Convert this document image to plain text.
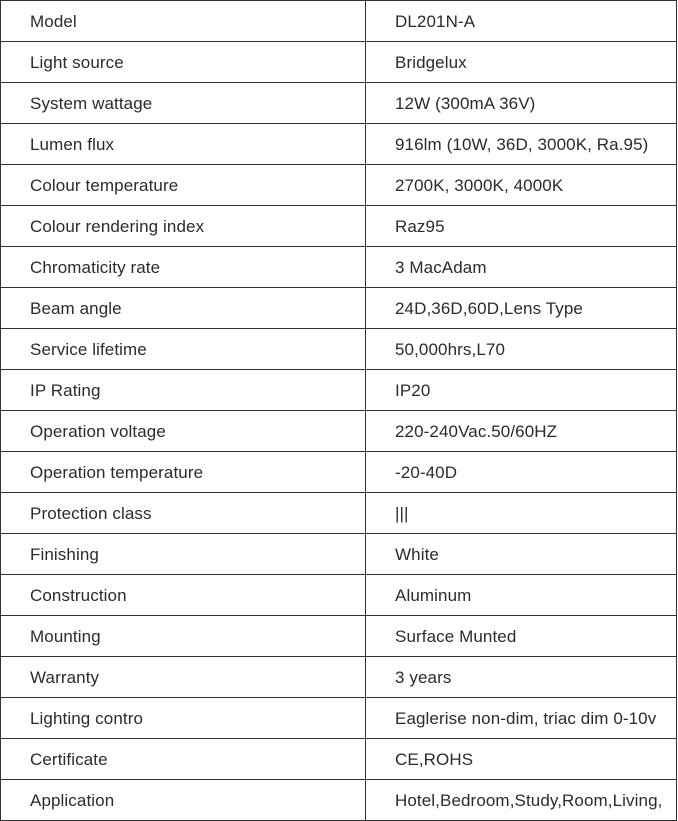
Model	DL201N-A
Light source	Bridgelux
System wattage	12W (300mA 36V)
Lumen flux	916lm (10W, 36D, 3000K, Ra.95)
Colour temperature	2700K, 3000K, 4000K
Colour rendering index	Raz95
Chromaticity rate	3 MacAdam
Beam angle	24D,36D,60D,Lens Type
Service lifetime	50,000hrs,L70
IP Rating	IP20
Operation voltage	220-240Vac.50/60HZ
Operation temperature	-20-40D
Protection class	|||
Finishing	White
Construction	Aluminum
Mounting	Surface Munted
Warranty	3 years
Lighting contro	Eaglerise non-dim, triac dim 0-10v
Certificate	CE,ROHS
Application	Hotel,Bedroom,Study,Room,Living,
